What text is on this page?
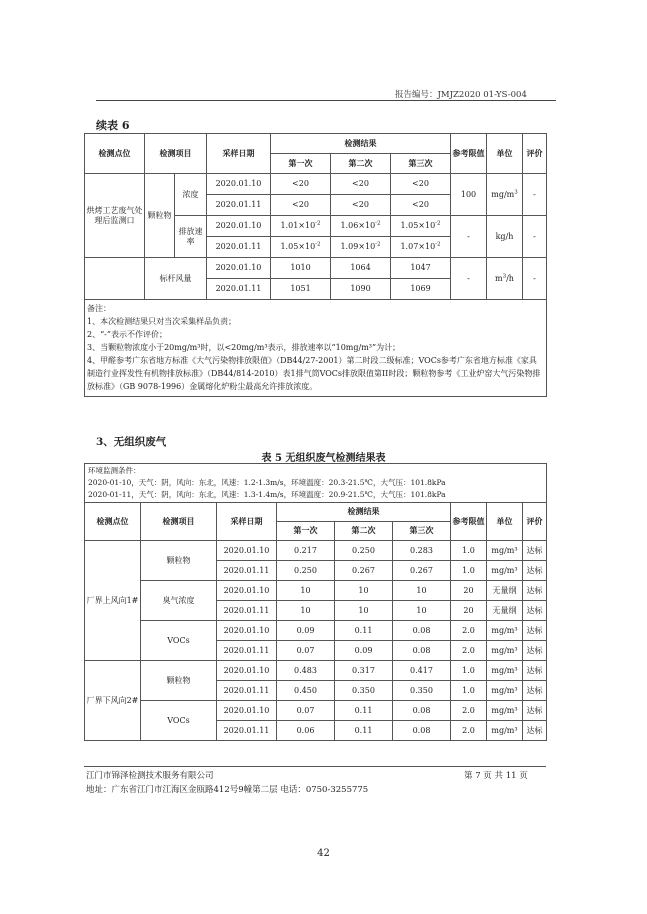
报告编号：JMJZ2020 01-YS-004
续表 6
检测点位	检测项目		采样日期	检测结果			参考限值	单位	评价
				第一次	第二次	第三次			
烘烤工艺废气处理后监测口	颗粒物	浓度	2020.01.10	<20	<20	<20	100	$mg/m^3$	-
			2020.01.11	<20	<20	<20			
		排放速率	2020.01.10	$1.01\times 10^{-2}$	$1.06\times 10^{-2}$	$1.05\times 10^{-2}$	-	kg/h	-
			2020.01.11	$1.05\times 10^{-2}$	$1.09\times 10^{-2}$	$1.07\times 10^{-2}$
	标杆风量		2020.01.10	1010	1064	1047	-	$m^3/h$	-
			2020.01.11	1051	1090	1069			

备注：
1、本次检测结果只对当次采集样品负责；
2、“-”表示不作评价；
3、当颗粒物浓度小于20mg/m³时，以<20mg/m³表示，排放速率以“10mg/m³”为计；
4、甲醛参考广东省地方标准《大气污染物排放限值》（DB44/27-2001）第二时段二级标准；VOCs参考广东省地方标准《家具制造行业挥发性有机物排放标准》（DB44/814-2010）表1排气筒VOCs排放限值第II时段；颗粒物参考《工业炉窑大气污染物排放标准》（GB 9078-1996）金属熔化炉粉尘最高允许排放浓度。									
3、无组织废气
表 5 无组织废气检测结果表
环境监测条件：
2020-01-10，天气：阴，风向：东北，风速：1.2-1.3m/s，环境温度：20.3-21.5℃，大气压：101.8kPa
2020-01-11，天气：阴，风向：东北，风速：1.3-1.4m/s，环境温度：20.9-21.5℃，大气压：101.8kPa								

检测点位	检测项目	采样日期	检测结果			参考限值	单位	评价
			第一次	第二次	第三次			
厂界上风向1#	颗粒物	2020.01.10	0.217	0.250	0.283	1.0	mg/m³	达标
		2020.01.11	0.250	0.267	0.267	1.0	mg/m³	达标
	臭气浓度	2020.01.10	10	10	10	20	无量纲	达标
		2020.01.11	10	10	10	20	无量纲	达标
	VOCs	2020.01.10	0.09	0.11	0.08	2.0	mg/m³	达标
		2020.01.11	0.07	0.09	0.08	2.0	mg/m³	达标
厂界下风向2#	颗粒物	2020.01.10	0.483	0.317	0.417	1.0	mg/m³	达标
		2020.01.11	0.450	0.350	0.350	1.0	mg/m³	达标
	VOCs	2020.01.10	0.07	0.11	0.08	2.0	mg/m³	达标
		2020.01.11	0.06	0.11	0.08	2.0	mg/m³	达标
江门市锦泽检测技术服务有限公司	第 7 页 共 11 页
地址：广东省江门市江海区金瓯路412号9幢第二层 电话：0750-3255775
42
